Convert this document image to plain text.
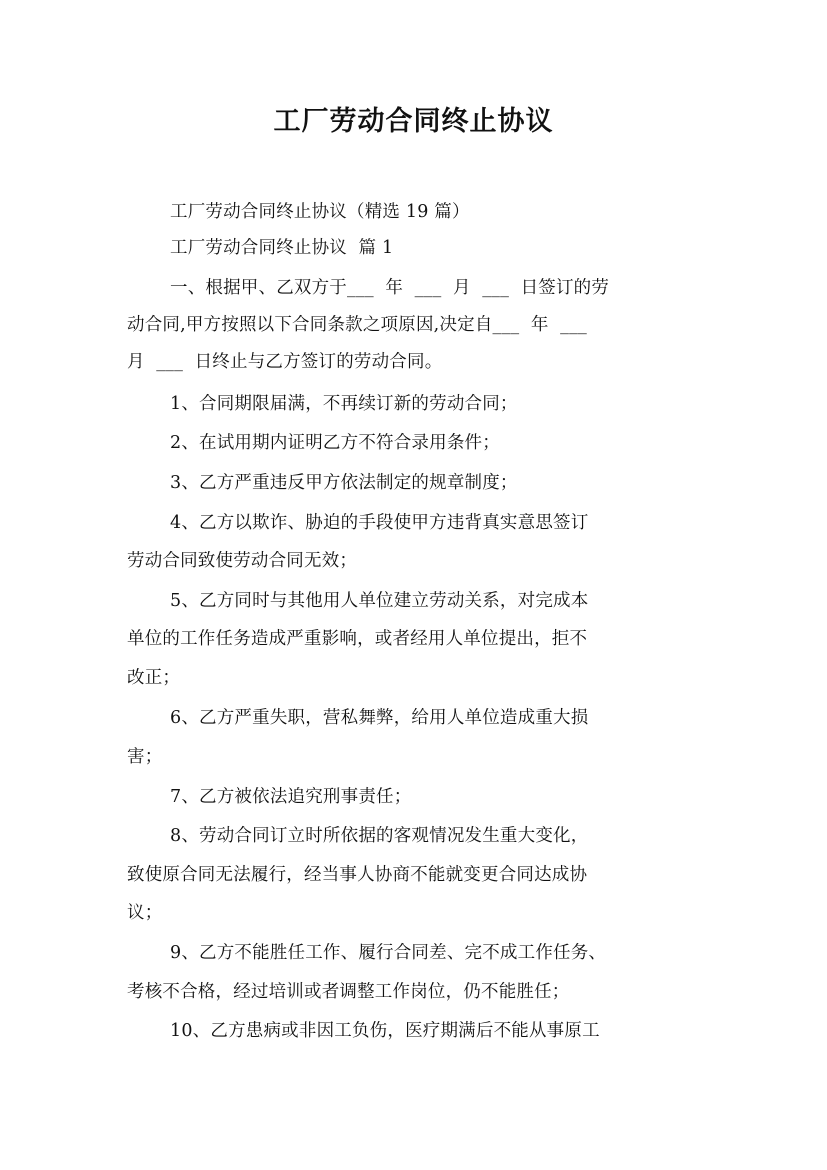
工厂劳动合同终止协议
工厂劳动合同终止协议（精选 19 篇）
工厂劳动合同终止协议  篇 1
一、根据甲、乙双方于___  年  ___  月  ___  日签订的劳
动合同,甲方按照以下合同条款之项原因,决定自___  年  ___
月  ___  日终止与乙方签订的劳动合同。
1、合同期限届满，不再续订新的劳动合同；
2、在试用期内证明乙方不符合录用条件；
3、乙方严重违反甲方依法制定的规章制度；
4、乙方以欺诈、胁迫的手段使甲方违背真实意思签订
劳动合同致使劳动合同无效；
5、乙方同时与其他用人单位建立劳动关系，对完成本
单位的工作任务造成严重影响，或者经用人单位提出，拒不
改正；
6、乙方严重失职，营私舞弊，给用人单位造成重大损
害；
7、乙方被依法追究刑事责任；
8、劳动合同订立时所依据的客观情况发生重大变化，
致使原合同无法履行，经当事人协商不能就变更合同达成协
议；
9、乙方不能胜任工作、履行合同差、完不成工作任务、
考核不合格，经过培训或者调整工作岗位，仍不能胜任；
10、乙方患病或非因工负伤，医疗期满后不能从事原工
